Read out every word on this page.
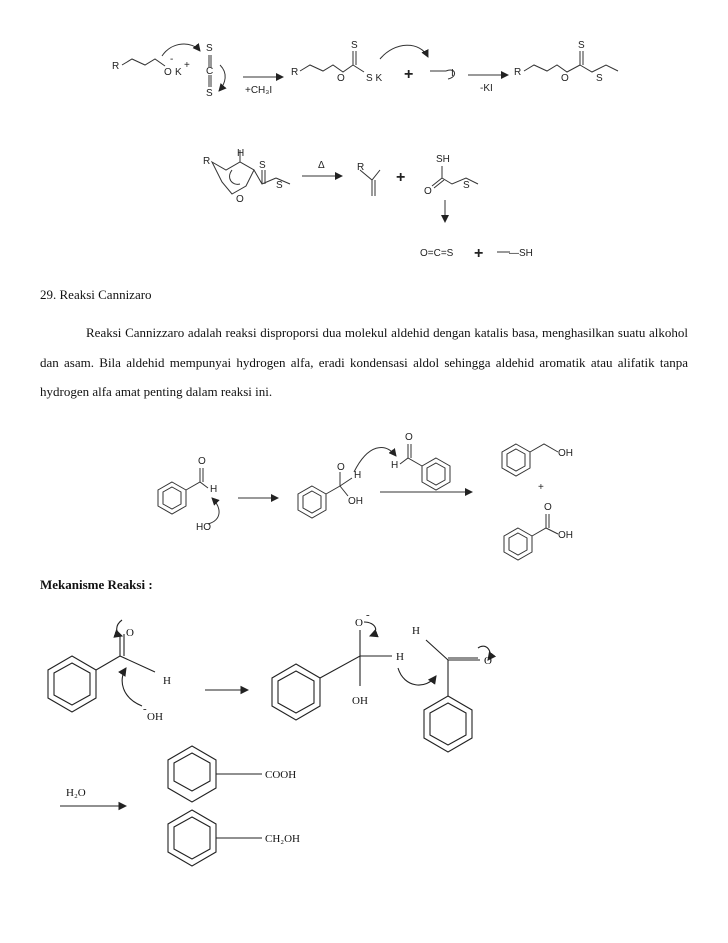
R
O
-
K
+
S
C
S	+CH₃I
R
O
S
S K +	I
-KI
R
O
S
S
R
H
O
S
S
Δ	R
+
SH
O
S
O=C=S +	—SH
29. Reaksi Cannizaro

Reaksi Cannizzaro adalah reaksi disproporsi dua molekul aldehid dengan katalis basa, menghasilkan suatu alkohol dan asam. Bila aldehid mempunyai hydrogen alfa, eradi kondensasi aldol sehingga aldehid aromatik atau alifatik tanpa hydrogen alfa amat penting dalam reaksi ini.

O
H
HO
O
H
OH
O
H
OH
+
O
OH
Mekanisme Reaksi :
O
H
OH
-
O
-
H
OH
H
O
H₂O
COOH
CH₂OH
